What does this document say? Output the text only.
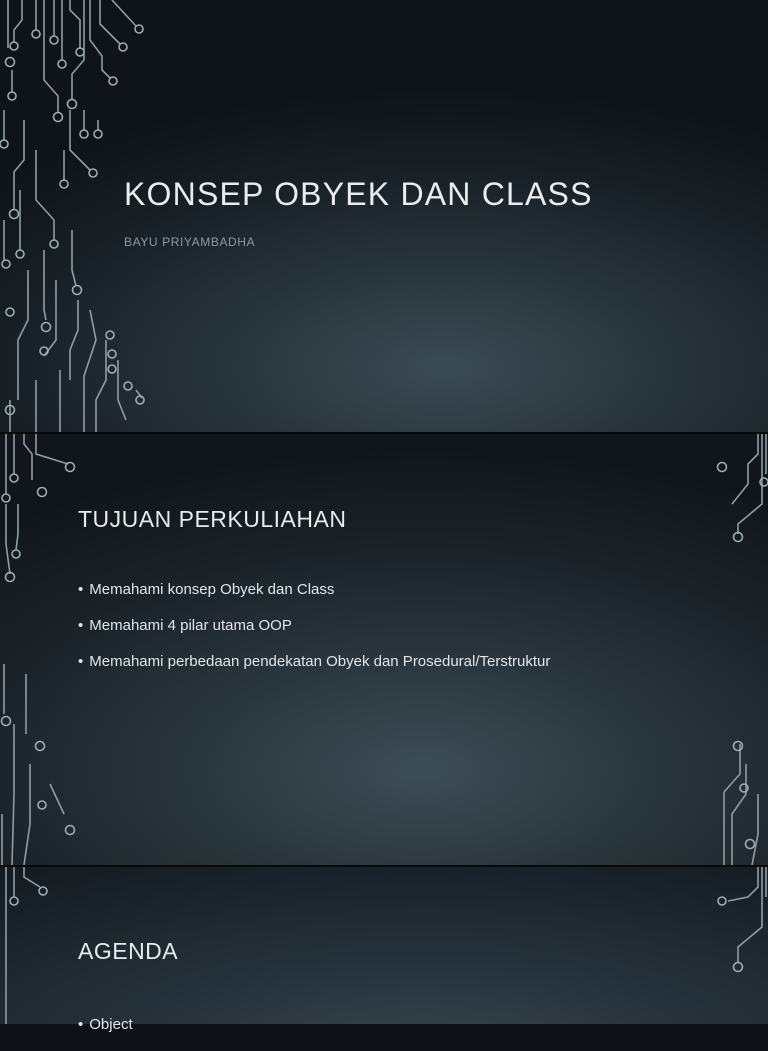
KONSEP OBYEK DAN CLASS

BAYU PRIYAMBADHA

TUJUAN PERKULIAHAN
• Memahami konsep Obyek dan Class
• Memahami 4 pilar utama OOP
• Memahami perbedaan pendekatan Obyek dan Prosedural/Terstruktur
AGENDA
• Object
